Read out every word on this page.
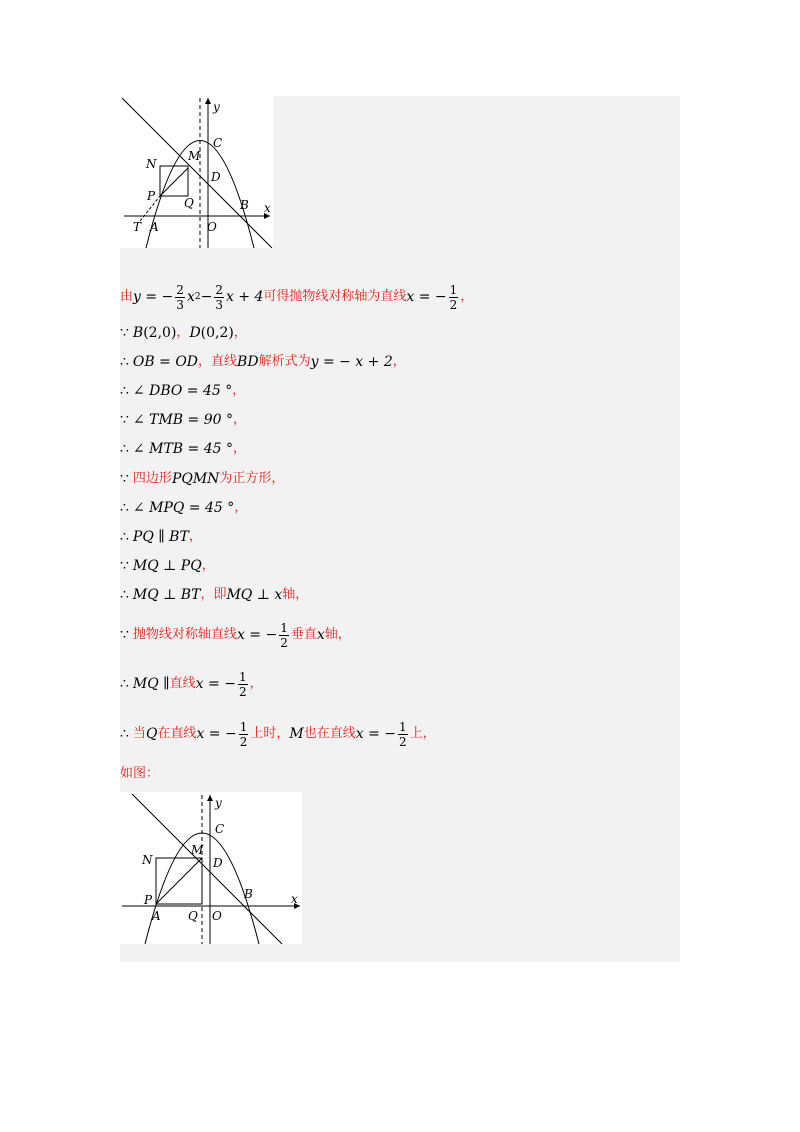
y
C
N
M
D
P Q	B x
T A	O
由 y = − $\frac{2}{3}$ x $2 - \frac{2}{3}$ x + 4 可得抛物线对称轴为直线 x = − $\frac{1}{2}$ ，
∵ B (2,0) ， D (0,2) ，
∴ OB = OD ，直线 BD 解析式为 y = − x + 2 ，
∴ ∠ DBO = 45 ° ，
∵ ∠ TMB = 90 ° ，
∴ ∠ MTB = 45 ° ，
∵ 四边形 PQMN 为正方形，
∴ ∠ MPQ = 45 ° ，
∴ PQ ∥ BT ，
∵ MQ ⊥ PQ ，
∴ MQ ⊥ BT ，即 MQ ⊥ x 轴，
∵ 抛物线对称轴直线 x = − $\frac{1}{2}$ 垂直 x 轴，
∴ MQ ∥ 直线 x = − $\frac{1}{2}$ ，
∴ 当 Q 在直线 x = − $\frac{1}{2}$ 上时， M 也在直线 x = − $\frac{1}{2}$ 上，
如图：
y
C
N
M
D
P
A Q O
B	x
